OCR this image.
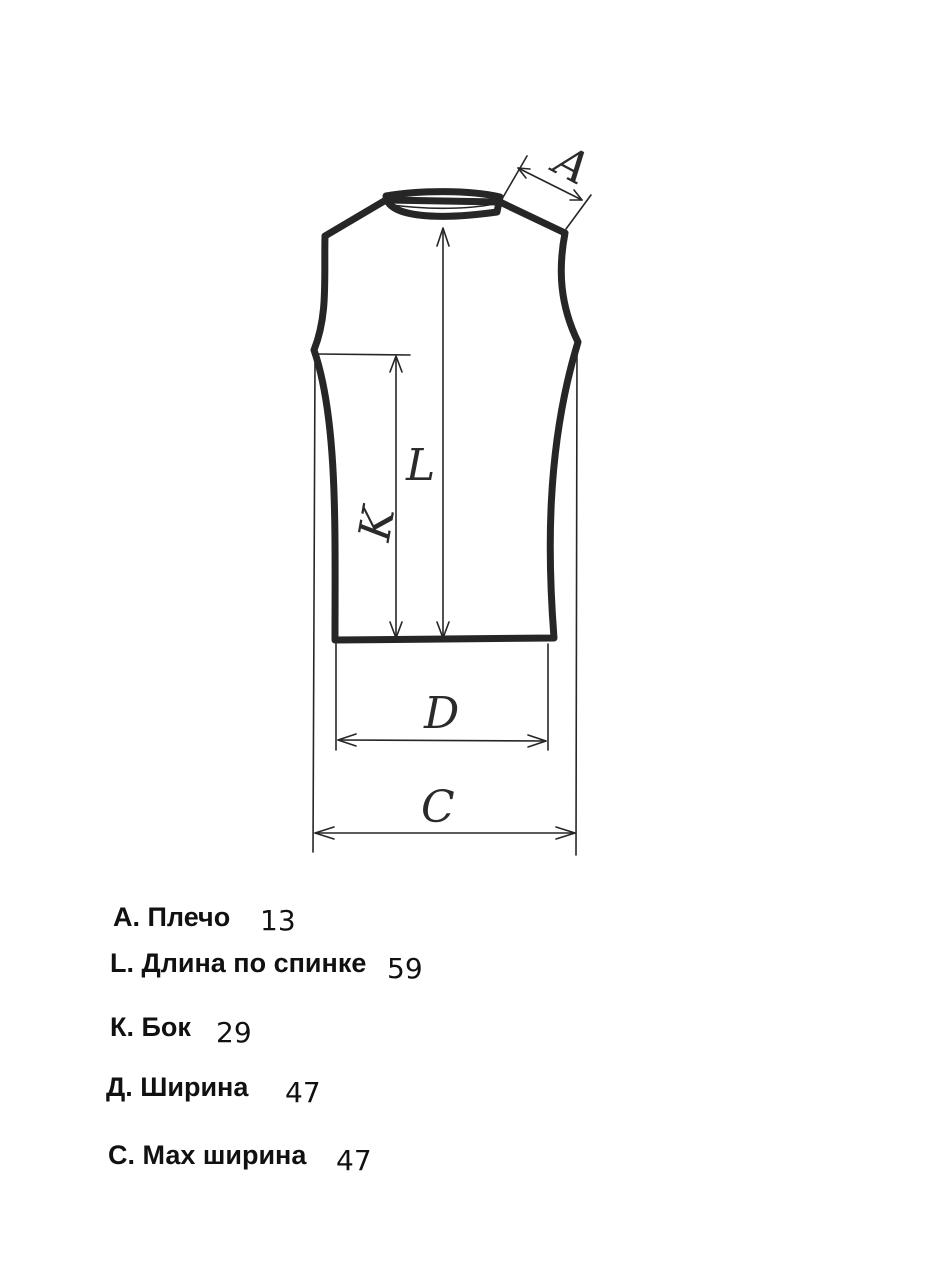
A
L
K
D
C
А. Плечо 13
L. Длина по спинке 59
К. Бок 29
Д. Ширина 47
С. Мах ширина 47
